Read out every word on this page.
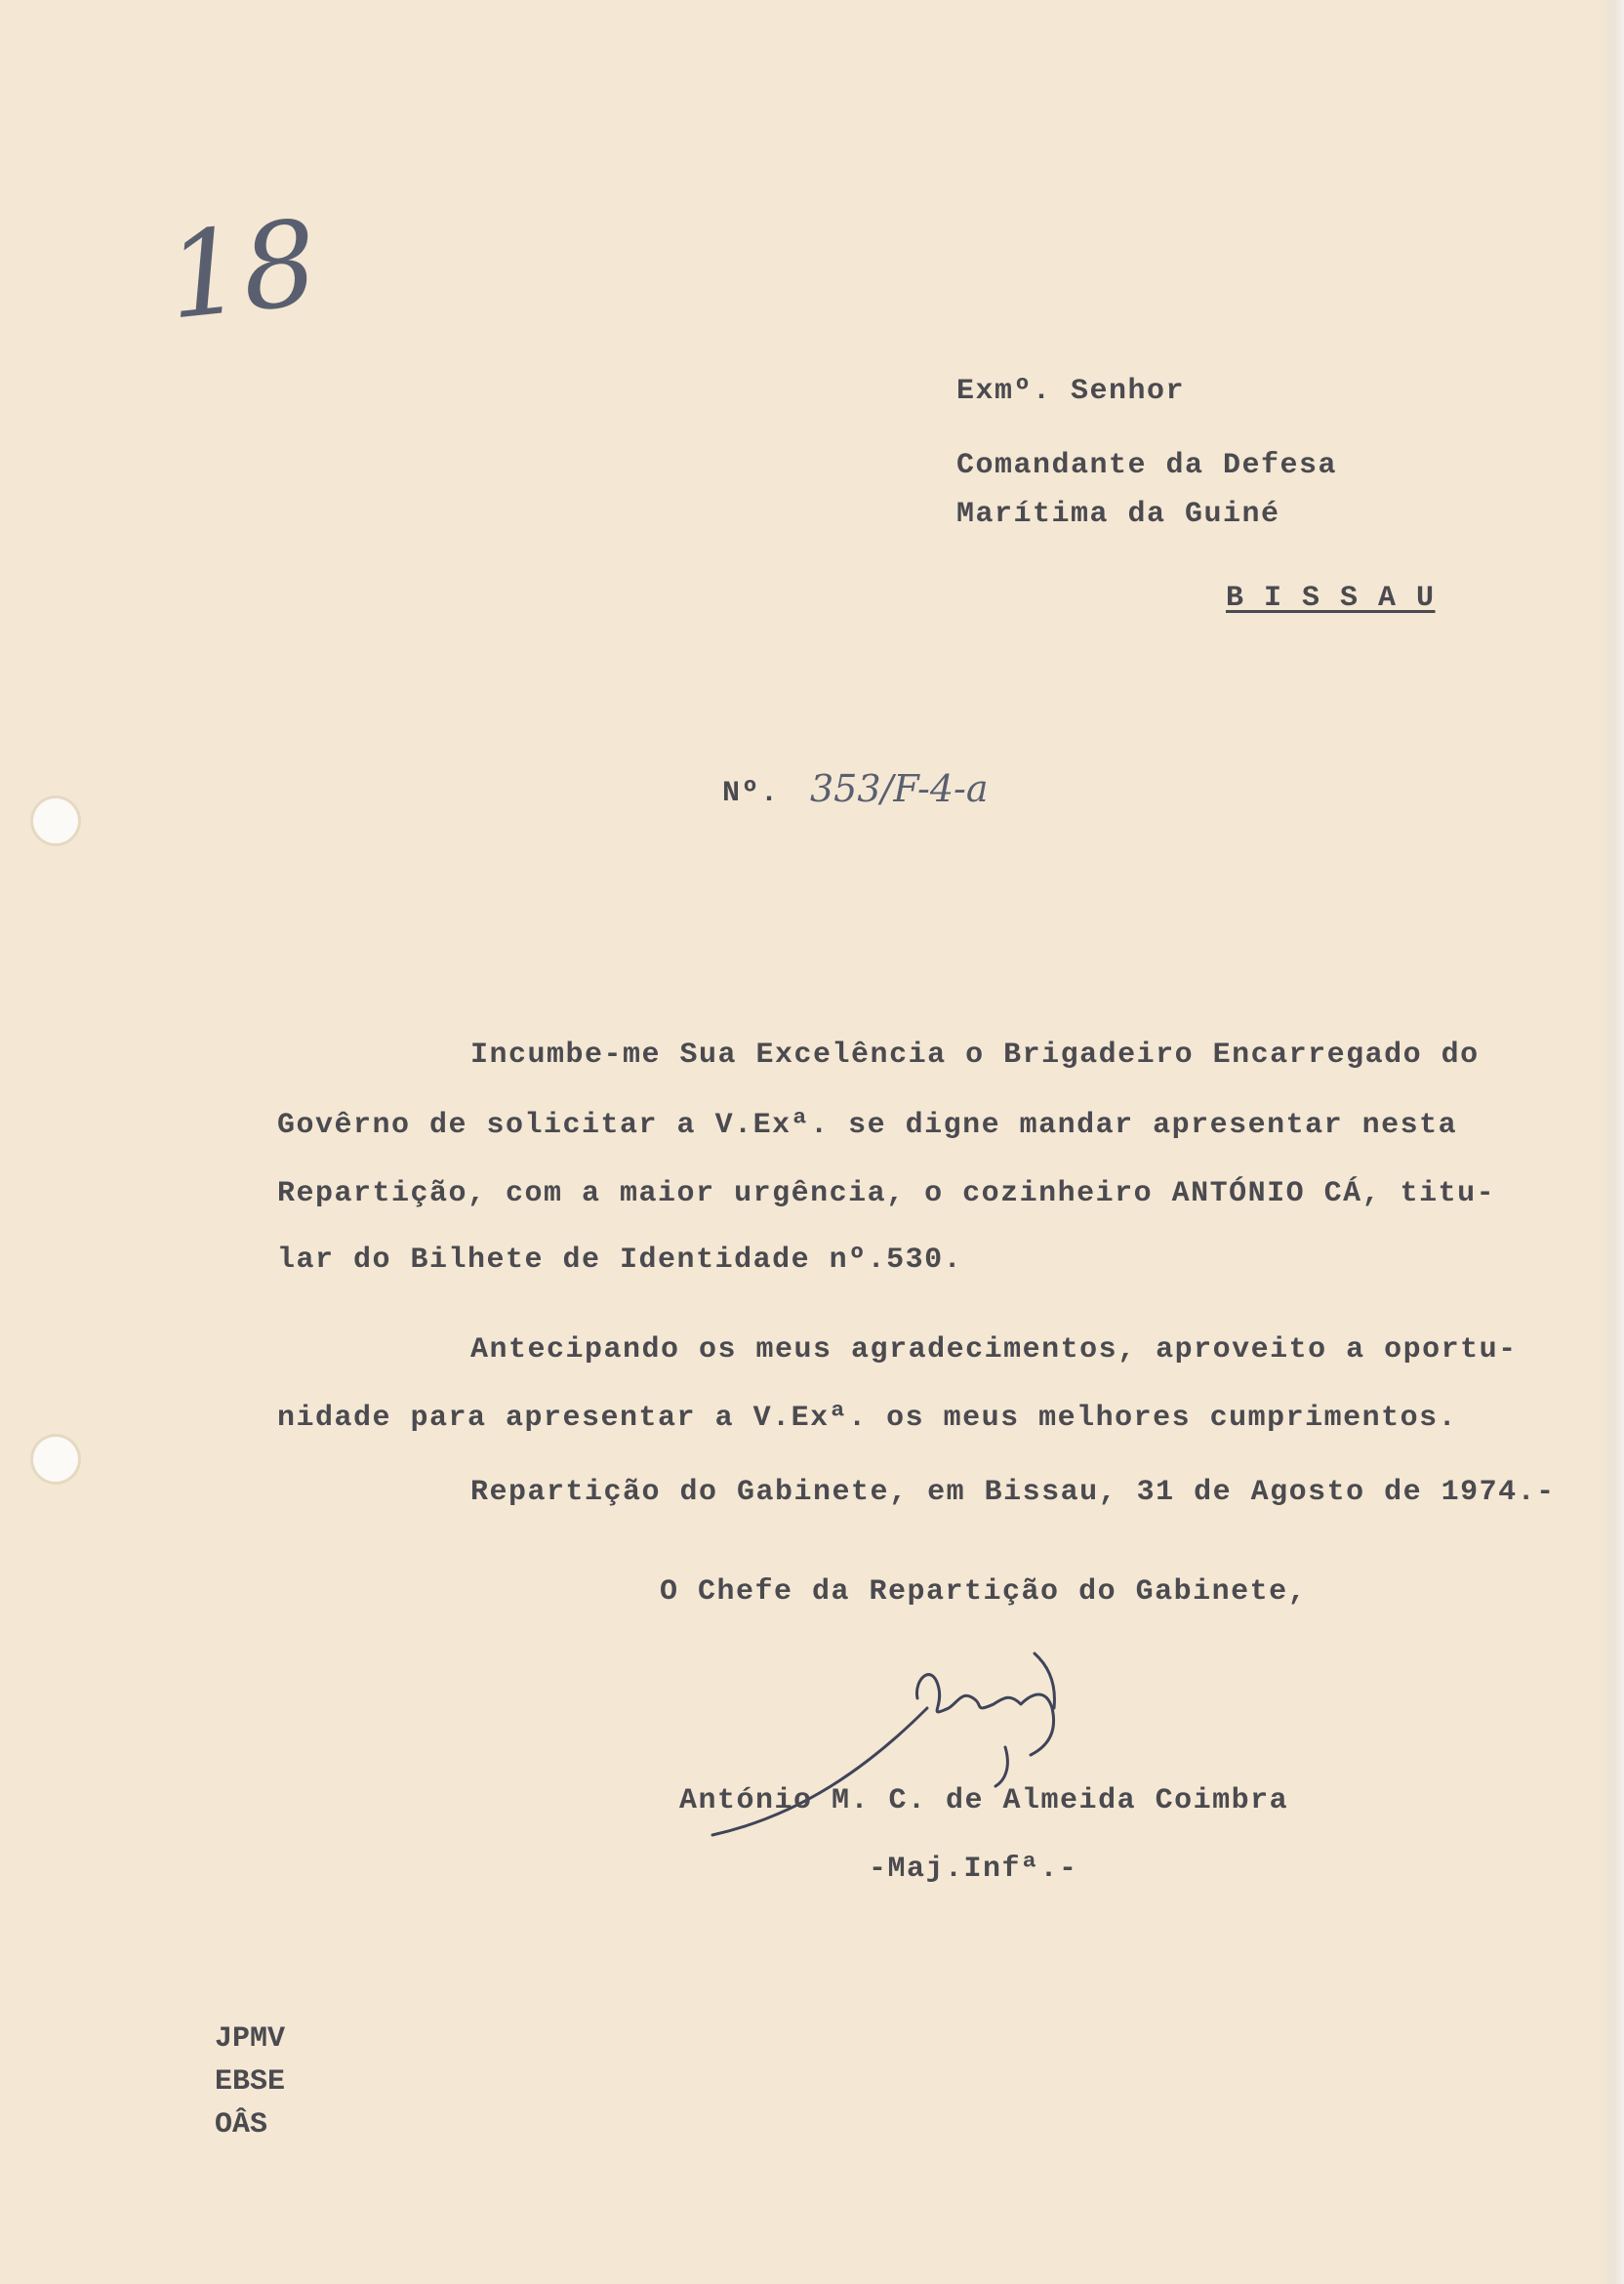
18
Exmº. Senhor
Comandante da Defesa
Marítima da Guiné
B I S S A U
Nº. 353/F-4-a
Incumbe-me Sua Excelência o Brigadeiro Encarregado do
Govêrno de solicitar a V.Exª. se digne mandar apresentar nesta
Repartição, com a maior urgência, o cozinheiro ANTÓNIO CÁ, titu-
lar do Bilhete de Identidade nº.530.
Antecipando os meus agradecimentos, aproveito a oportu-
nidade para apresentar a V.Exª. os meus melhores cumprimentos.
Repartição do Gabinete, em Bissau, 31 de Agosto de 1974.-
O Chefe da Repartição do Gabinete,
António M. C. de Almeida Coimbra
-Maj.Infª.-
JPMV
EBSE
OÂS
